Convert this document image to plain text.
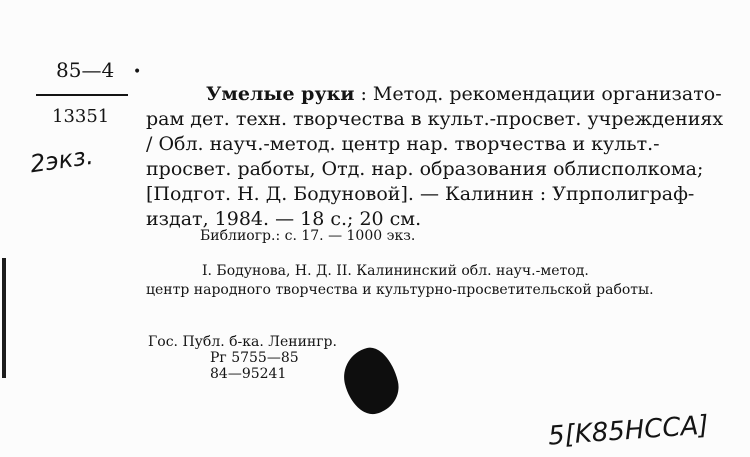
85—4 •
13351
2экз.
Умелые руки : Метод. рекомендации организато-
рам дет. техн. творчества в культ.-просвет. учреждениях
/ Обл. науч.-метод. центр нар. творчества и культ.-
просвет. работы, Отд. нар. образования облисполкома;
[Подгот. Н. Д. Бодуновой]. — Калинин : Упрполиграф-
издат, 1984. — 18 с.; 20 см.
Библиогр.: с. 17. — 1000 экз.
I. Бодунова, Н. Д. II. Калининский обл. науч.-метод.
центр народного творчества и культурно-просветительской работы.
Гос. Публ. б-ка. Ленингр.
Рг 5755—85
84—95241
5[K85HCCA]
